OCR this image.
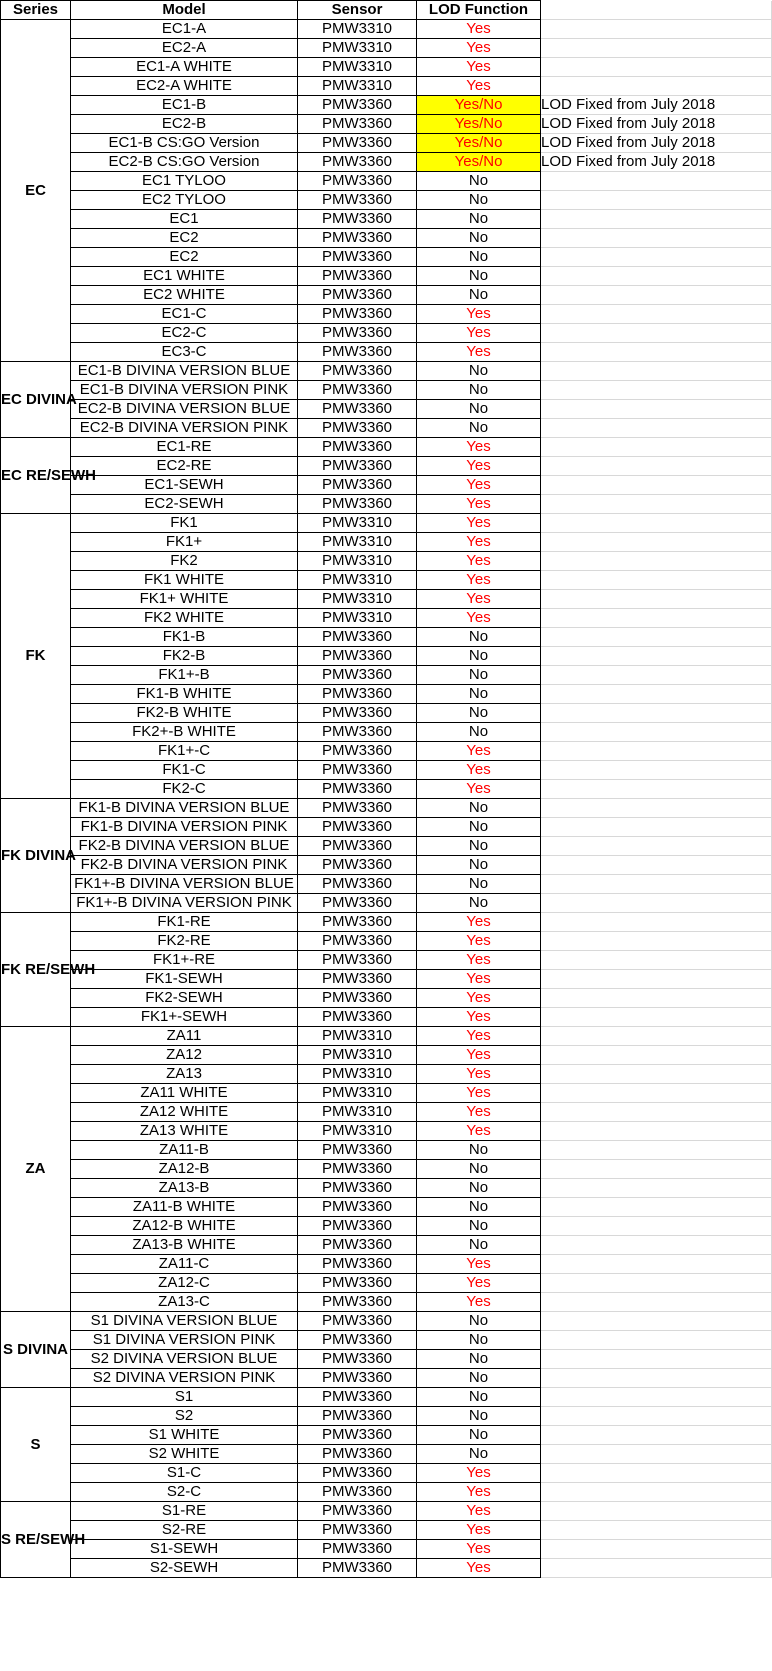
Series	Model	Sensor	LOD Function	
EC	EC1-A	PMW3310	Yes	
	EC2-A	PMW3310	Yes	
	EC1-A WHITE	PMW3310	Yes	
	EC2-A WHITE	PMW3310	Yes	
	EC1-B	PMW3360	Yes/No	LOD Fixed from July 2018
	EC2-B	PMW3360	Yes/No	LOD Fixed from July 2018
	EC1-B CS:GO Version	PMW3360	Yes/No	LOD Fixed from July 2018
	EC2-B CS:GO Version	PMW3360	Yes/No	LOD Fixed from July 2018
	EC1 TYLOO	PMW3360	No	
	EC2 TYLOO	PMW3360	No	
	EC1	PMW3360	No	
	EC2	PMW3360	No	
	EC2	PMW3360	No	
	EC1 WHITE	PMW3360	No	
	EC2 WHITE	PMW3360	No	
	EC1-C	PMW3360	Yes	
	EC2-C	PMW3360	Yes	
	EC3-C	PMW3360	Yes	
EC DIVINA	EC1-B DIVINA VERSION BLUE	PMW3360	No	
	EC1-B DIVINA VERSION PINK	PMW3360	No	
	EC2-B DIVINA VERSION BLUE	PMW3360	No	
	EC2-B DIVINA VERSION PINK	PMW3360	No	
EC RE/SEWH	EC1-RE	PMW3360	Yes	
	EC2-RE	PMW3360	Yes	
	EC1-SEWH	PMW3360	Yes	
	EC2-SEWH	PMW3360	Yes	
FK	FK1	PMW3310	Yes	
	FK1+	PMW3310	Yes	
	FK2	PMW3310	Yes	
	FK1 WHITE	PMW3310	Yes	
	FK1+ WHITE	PMW3310	Yes	
	FK2 WHITE	PMW3310	Yes	
	FK1-B	PMW3360	No	
	FK2-B	PMW3360	No	
	FK1+-B	PMW3360	No	
	FK1-B WHITE	PMW3360	No	
	FK2-B WHITE	PMW3360	No	
	FK2+-B WHITE	PMW3360	No	
	FK1+-C	PMW3360	Yes	
	FK1-C	PMW3360	Yes	
	FK2-C	PMW3360	Yes	
FK DIVINA	FK1-B DIVINA VERSION BLUE	PMW3360	No	
	FK1-B DIVINA VERSION PINK	PMW3360	No	
	FK2-B DIVINA VERSION BLUE	PMW3360	No	
	FK2-B DIVINA VERSION PINK	PMW3360	No	
	FK1+-B DIVINA VERSION BLUE	PMW3360	No	
	FK1+-B DIVINA VERSION PINK	PMW3360	No	
FK RE/SEWH	FK1-RE	PMW3360	Yes	
	FK2-RE	PMW3360	Yes	
	FK1+-RE	PMW3360	Yes	
	FK1-SEWH	PMW3360	Yes	
	FK2-SEWH	PMW3360	Yes	
	FK1+-SEWH	PMW3360	Yes	
ZA	ZA11	PMW3310	Yes	
	ZA12	PMW3310	Yes	
	ZA13	PMW3310	Yes	
	ZA11 WHITE	PMW3310	Yes	
	ZA12 WHITE	PMW3310	Yes	
	ZA13 WHITE	PMW3310	Yes	
	ZA11-B	PMW3360	No	
	ZA12-B	PMW3360	No	
	ZA13-B	PMW3360	No	
	ZA11-B WHITE	PMW3360	No	
	ZA12-B WHITE	PMW3360	No	
	ZA13-B WHITE	PMW3360	No	
	ZA11-C	PMW3360	Yes	
	ZA12-C	PMW3360	Yes	
	ZA13-C	PMW3360	Yes	
S DIVINA	S1 DIVINA VERSION BLUE	PMW3360	No	
	S1 DIVINA VERSION PINK	PMW3360	No	
	S2 DIVINA VERSION BLUE	PMW3360	No	
	S2 DIVINA VERSION PINK	PMW3360	No	
S	S1	PMW3360	No	
	S2	PMW3360	No	
	S1 WHITE	PMW3360	No	
	S2 WHITE	PMW3360	No	
	S1-C	PMW3360	Yes	
	S2-C	PMW3360	Yes	
S RE/SEWH	S1-RE	PMW3360	Yes	
	S2-RE	PMW3360	Yes	
	S1-SEWH	PMW3360	Yes	
	S2-SEWH	PMW3360	Yes	
